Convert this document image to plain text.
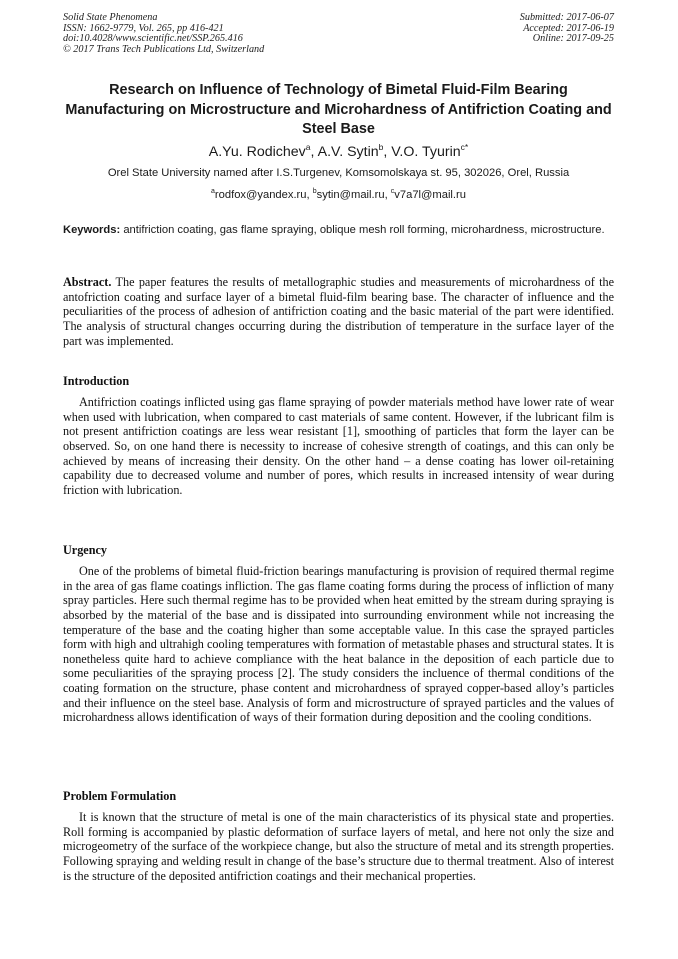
Solid State Phenomena
ISSN: 1662-9779, Vol. 265, pp 416-421
doi:10.4028/www.scientific.net/SSP.265.416
© 2017 Trans Tech Publications Ltd, Switzerland
Submitted: 2017-06-07
Accepted: 2017-06-19
Online: 2017-09-25
Research on Influence of Technology of Bimetal Fluid-Film Bearing Manufacturing on Microstructure and Microhardness of Antifriction Coating and Steel Base
A.Yu. Rodichev$^a$, A.V. Sytin$^b$, V.O. Tyurin$^{c*}$
Orel State University named after I.S.Turgenev, Komsomolskaya st. 95, 302026, Orel, Russia
$^a$rodfox@yandex.ru, $^b$sytin@mail.ru, $^c$v7a7l@mail.ru
Keywords: antifriction coating, gas flame spraying, oblique mesh roll forming, microhardness, microstructure.
Abstract. The paper features the results of metallographic studies and measurements of microhardness of the antofriction coating and surface layer of a bimetal fluid-film bearing base. The character of influence and the peculiarities of the process of adhesion of antifriction coating and the basic material of the part were identified. The analysis of structural changes occurring during the distribution of temperature in the surface layer of the part was implemented.
Introduction
Antifriction coatings inflicted using gas flame spraying of powder materials method have lower rate of wear when used with lubrication, when compared to cast materials of same content. However, if the lubricant film is not present antifriction coatings are less wear resistant [1], smoothing of particles that form the layer can be observed. So, on one hand there is necessity to increase of cohesive strength of coatings, and this can only be achieved by means of increasing their density. On the other hand – a dense coating has lower oil-retaining capability due to decreased volume and number of pores, which results in increased intensity of wear during friction with lubrication.
Urgency
One of the problems of bimetal fluid-friction bearings manufacturing is provision of required thermal regime in the area of gas flame coatings infliction. The gas flame coating forms during the process of infliction of many spray particles. Here such thermal regime has to be provided when heat emitted by the stream during spraying is absorbed by the material of the base and is dissipated into surrounding environment while not increasing the temperature of the base and the coating higher than some acceptable value. In this case the sprayed particles form with high and ultrahigh cooling temperatures with formation of metastable phases and structural states. It is nonetheless quite hard to achieve compliance with the heat balance in the deposition of each particle due to some peculiarities of the spraying process [2]. The study considers the incluence of thermal conditions of the coating formation on the structure, phase content and microhardness of sprayed copper-based alloy’s particles and their influence on the steel base. Analysis of form and microstructure of sprayed particles and the values of microhardness allows identification of ways of their formation during deposition and the cooling conditions.
Problem Formulation
It is known that the structure of metal is one of the main characteristics of its physical state and properties. Roll forming is accompanied by plastic deformation of surface layers of metal, and here not only the size and microgeometry of the surface of the workpiece change, but also the structure of metal and its strength properties. Following spraying and welding result in change of the base’s structure due to thermal treatment. Also of interest is the structure of the deposited antifriction coatings and their mechanical properties.
